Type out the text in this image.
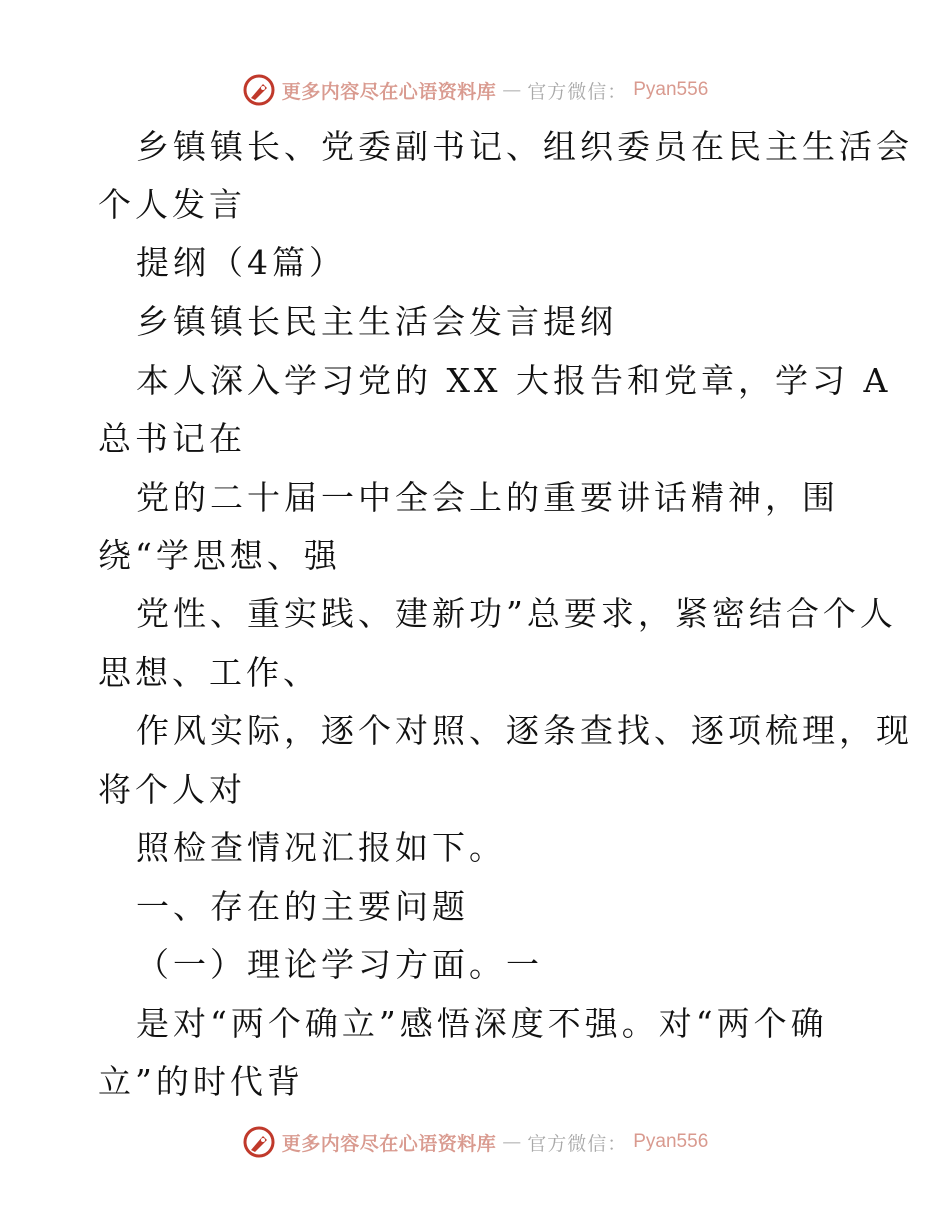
更多内容尽在心语资料库 — 官方微信： Pyan556
乡镇镇长、党委副书记、组织委员在民主生活会
个人发言
提纲（4篇）
乡镇镇长民主生活会发言提纲
本人深入学习党的 XX 大报告和党章，学习 A
总书记在
党的二十届一中全会上的重要讲话精神，围
绕“学思想、强
党性、重实践、建新功”总要求，紧密结合个人
思想、工作、
作风实际，逐个对照、逐条查找、逐项梳理，现
将个人对
照检查情况汇报如下。
一、存在的主要问题
（一）理论学习方面。一
是对“两个确立”感悟深度不强。对“两个确
立”的时代背
更多内容尽在心语资料库 — 官方微信： Pyan556
